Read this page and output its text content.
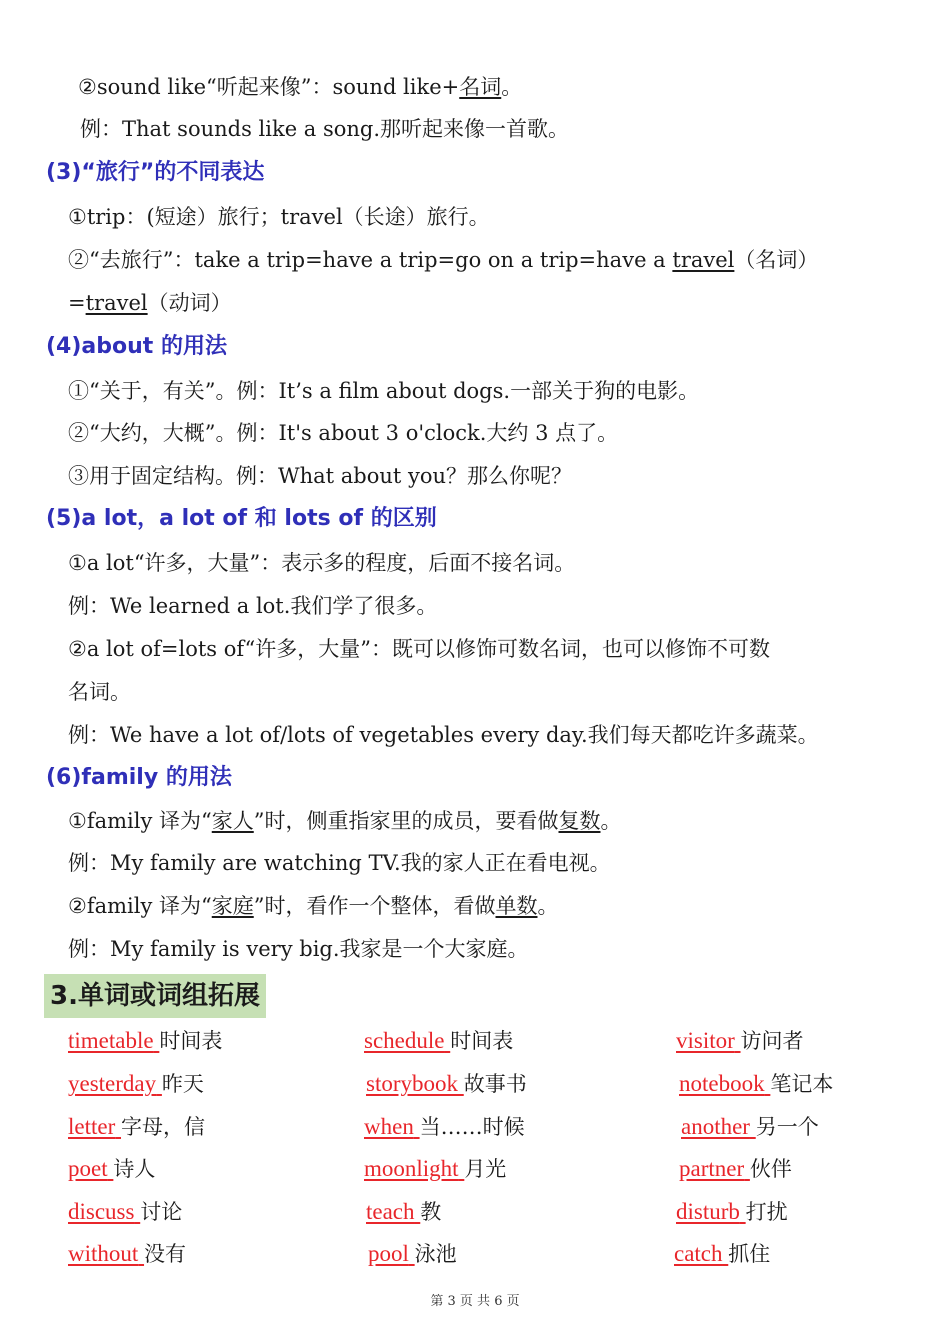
②sound like“听起来像”：sound like+名词。
例：That sounds like a song.那听起来像一首歌。
(3)“旅行”的不同表达
①trip：(短途）旅行；travel（长途）旅行。
②“去旅行”：take a trip=have a trip=go on a trip=have a travel（名词）
=travel（动词）
(4)about 的用法
①“关于，有关”。例：It’s a film about dogs.一部关于狗的电影。
②“大约，大概”。例：It's about 3 o'clock.大约 3 点了。
③用于固定结构。例：What about you？那么你呢？
(5)a lot，a lot of 和 lots of 的区别
①a lot“许多，大量”：表示多的程度，后面不接名词。
例：We learned a lot.我们学了很多。
②a lot of=lots of“许多，大量”：既可以修饰可数名词，也可以修饰不可数
名词。
例：We have a lot of/lots of vegetables every day.我们每天都吃许多蔬菜。
(6)family 的用法
①family 译为“家人”时，侧重指家里的成员，要看做复数。
例：My family are watching TV.我的家人正在看电视。
②family 译为“家庭”时，看作一个整体，看做单数。
例：My family is very big.我家是一个大家庭。
3.单词或词组拓展
timetable 时间表	schedule 时间表	visitor 访问者
yesterday 昨天	storybook 故事书	notebook 笔记本
letter 字母，信	when 当……时候	another 另一个
poet 诗人	moonlight 月光	partner 伙伴
discuss 讨论	teach 教	disturb 打扰
without 没有	pool 泳池	catch 抓住
第 3 页 共 6 页
